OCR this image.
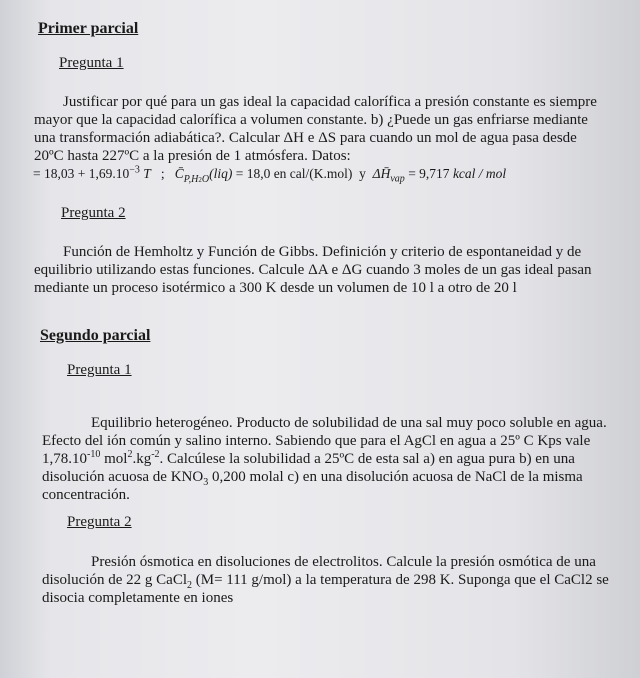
Primer parcial
Pregunta 1

Justificar por qué para un gas ideal la capacidad calorífica a presión constante es siempre

mayor que la capacidad calorífica a volumen constante. b) ¿Puede un gas enfriarse mediante

una transformación adiabática?. Calcular ΔH e ΔS para cuando un mol de agua pasa desde

20ºC hasta 227ºC a la presión de 1 atmósfera. Datos:

= $18,03 + 1,69.10^{-3}$ T ; $C̄_{P,H2O}(liq) = 18,0$ en cal/(K.mol) y $\Delta H̄_{vap} = 9,717$ kcal / mol
Pregunta 2

Función de Hemholtz y Función de Gibbs. Definición y criterio de espontaneidad y de

equilibrio utilizando estas funciones. Calcule ΔA e ΔG cuando 3 moles de un gas ideal pasan

mediante un proceso isotérmico a 300 K desde un volumen de 10 l a otro de 20 l

Segundo parcial
Pregunta 1

Equilibrio heterogéneo. Producto de solubilidad de una sal muy poco soluble en agua.

Efecto del ión común y salino interno. Sabiendo que para el AgCl en agua a 25º C Kps vale

$1,78.10^{-10}$ $mol^2.kg^{-2}$. Calcúlese la solubilidad a 25ºC de esta sal a) en agua pura b) en una

disolución acuosa de $KNO_3$ 0,200 molal c) en una disolución acuosa de NaCl de la misma

concentración.

Pregunta 2

Presión ósmotica en disoluciones de electrolitos. Calcule la presión osmótica de una

disolución de 22 g CaCl$_2$ (M= 111 g/mol) a la temperatura de 298 K. Suponga que el CaCl2 se

disocia completamente en iones
